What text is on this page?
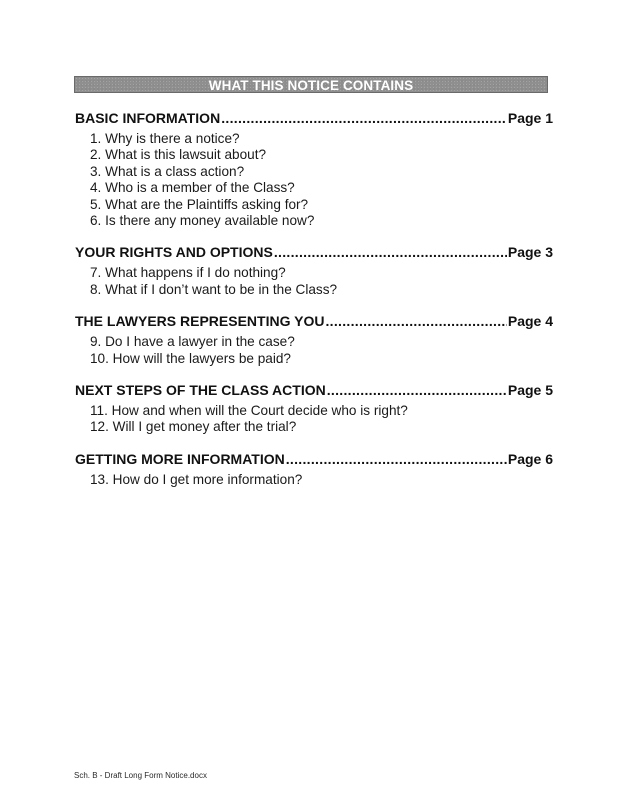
WHAT THIS NOTICE CONTAINS
BASIC INFORMATION .....	Page 1
1. Why is there a notice?
2. What is this lawsuit about?
3. What is a class action?
4. Who is a member of the Class?
5. What are the Plaintiffs asking for?
6. Is there any money available now?
YOUR RIGHTS AND OPTIONS .....	Page 3
7. What happens if I do nothing?
8. What if I don’t want to be in the Class?
THE LAWYERS REPRESENTING YOU .....	Page 4
9. Do I have a lawyer in the case?
10. How will the lawyers be paid?
NEXT STEPS OF THE CLASS ACTION .....	Page 5
11. How and when will the Court decide who is right?
12. Will I get money after the trial?
GETTING MORE INFORMATION .....	Page 6
13. How do I get more information?
Sch. B - Draft Long Form Notice.docx
